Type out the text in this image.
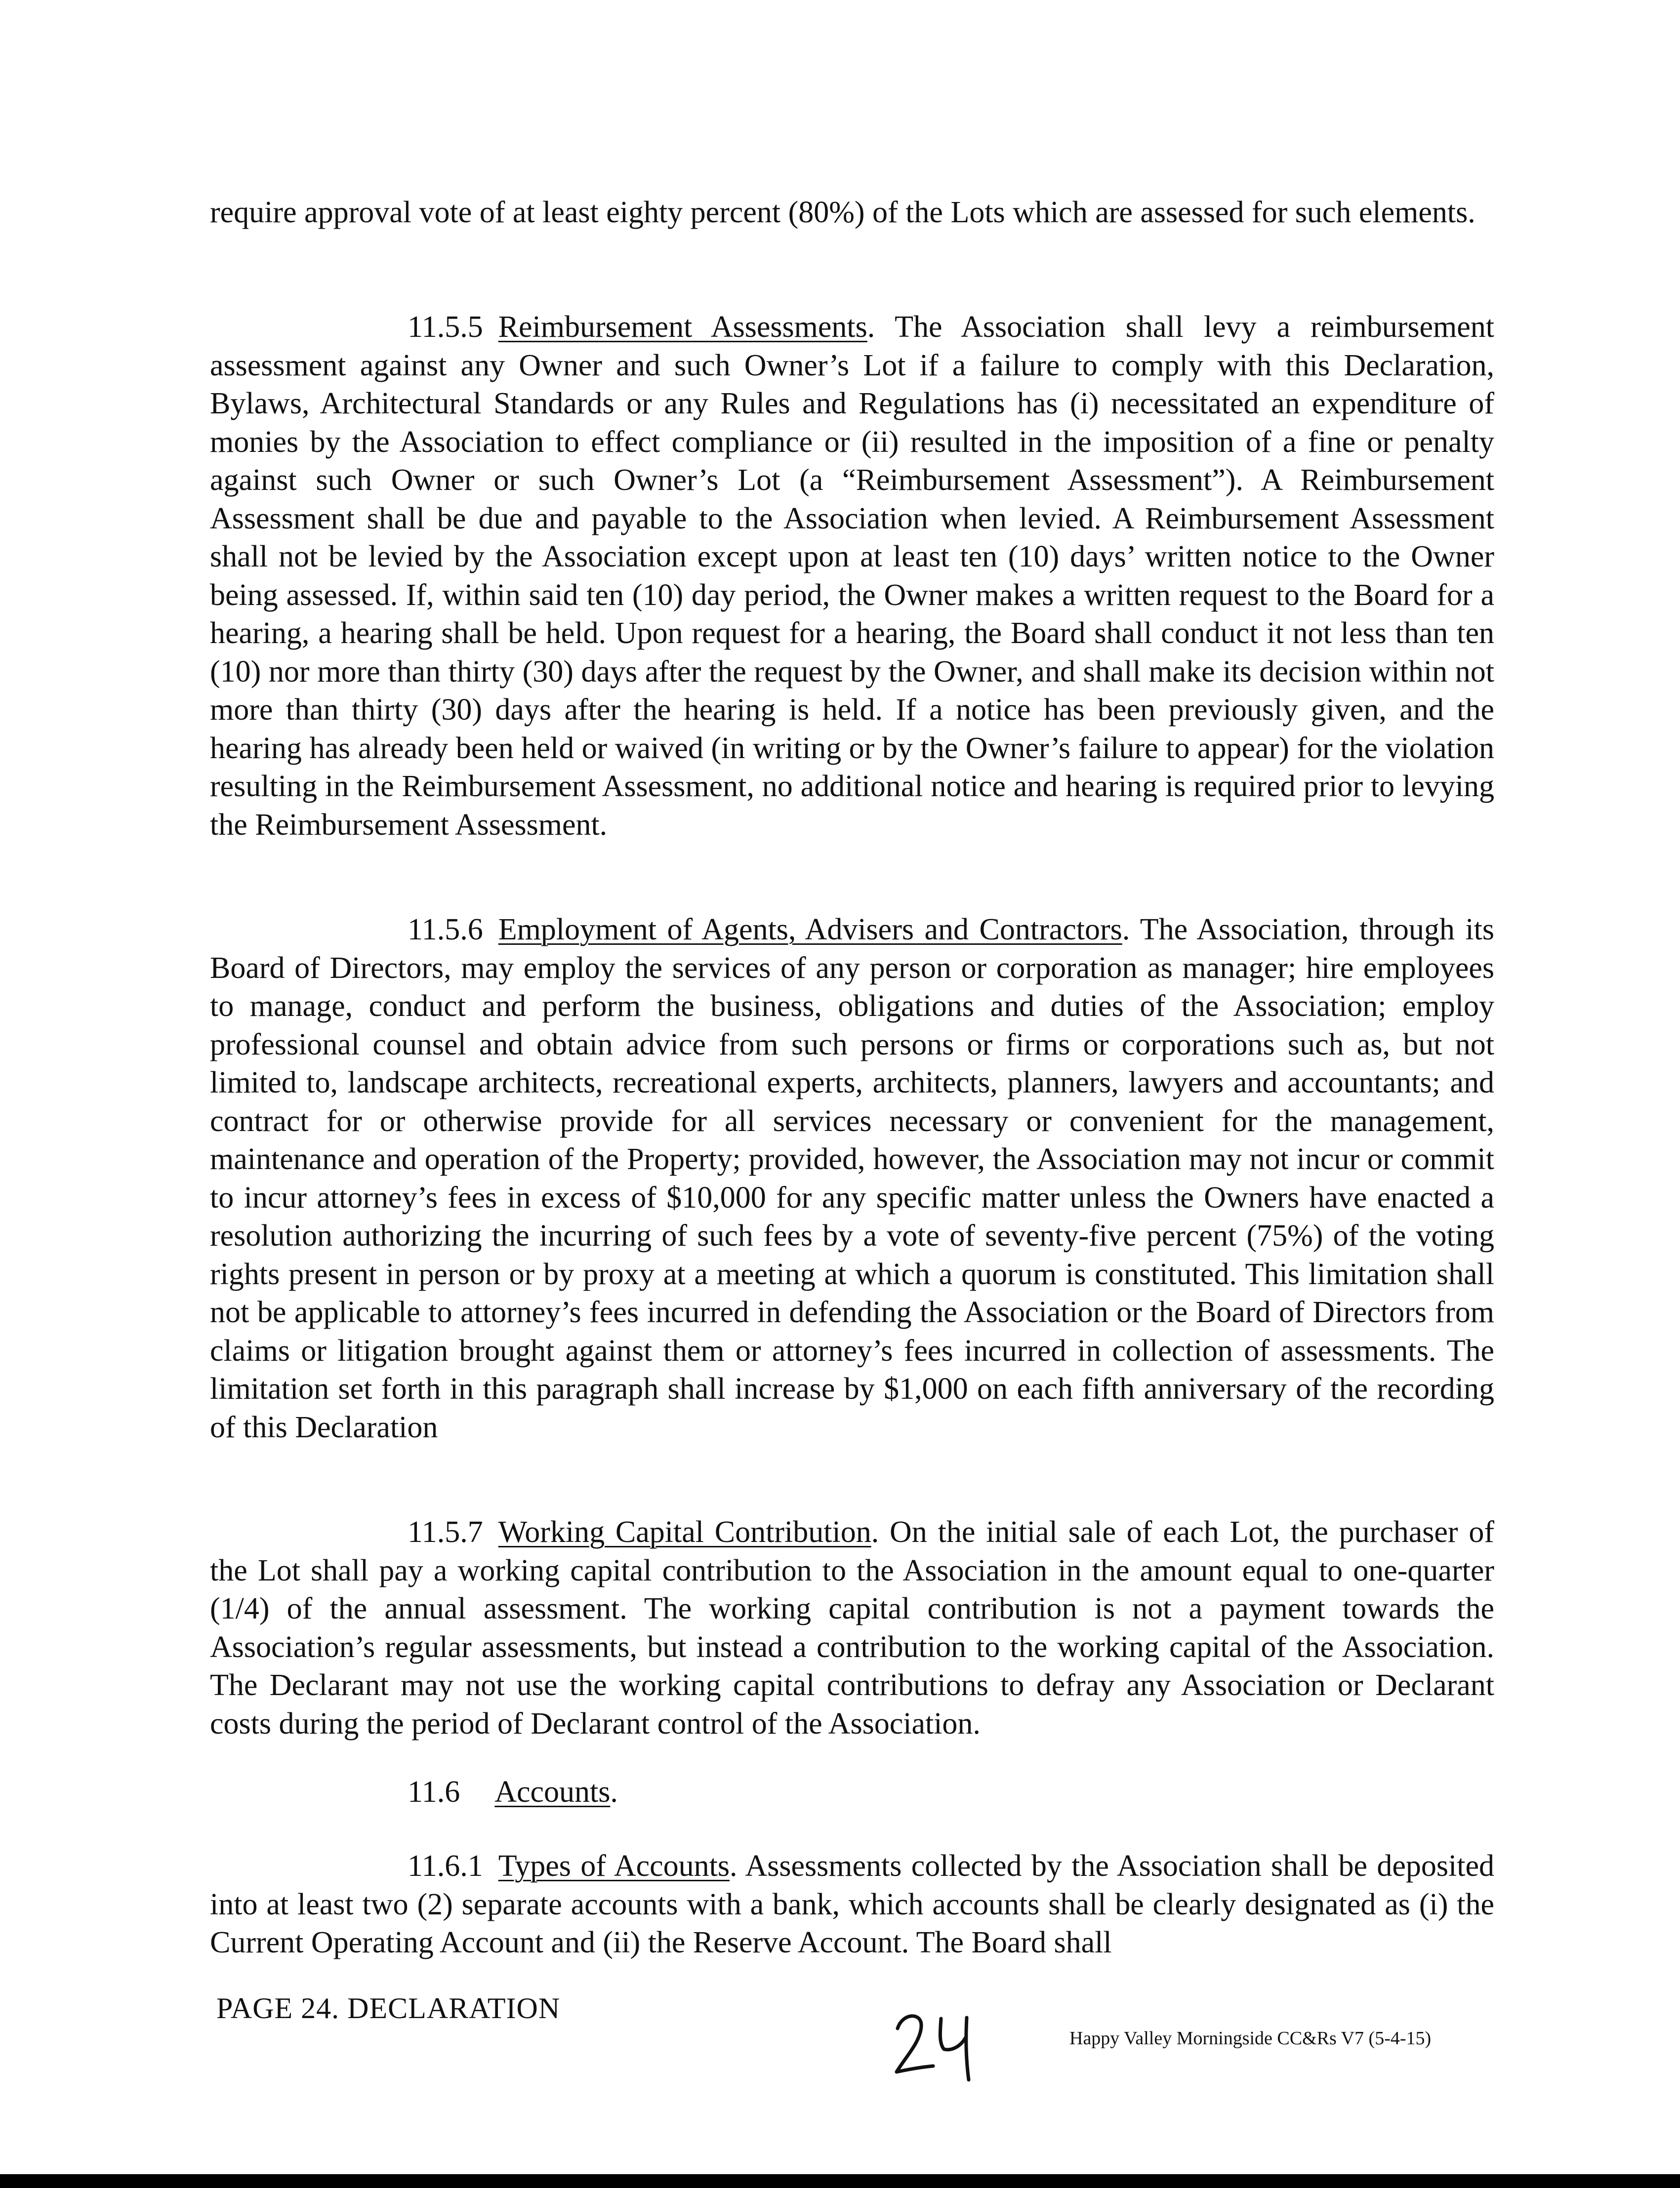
require approval vote of at least eighty percent (80%) of the Lots which are assessed for such elements.

11.5.5  Reimbursement Assessments. The Association shall levy a reimbursement assessment against any Owner and such Owner’s Lot if a failure to comply with this Declaration, Bylaws, Architectural Standards or any Rules and Regulations has (i) necessitated an expenditure of monies by the Association to effect compliance or (ii) resulted in the imposition of a fine or penalty against such Owner or such Owner’s Lot (a “Reimbursement Assessment”). A Reimbursement Assessment shall be due and payable to the Association when levied. A Reimbursement Assessment shall not be levied by the Association except upon at least ten (10) days’ written notice to the Owner being assessed. If, within said ten (10) day period, the Owner makes a written request to the Board for a hearing, a hearing shall be held. Upon request for a hearing, the Board shall conduct it not less than ten (10) nor more than thirty (30) days after the request by the Owner, and shall make its decision within not more than thirty (30) days after the hearing is held. If a notice has been previously given, and the hearing has already been held or waived (in writing or by the Owner’s failure to appear) for the violation resulting in the Reimbursement Assessment, no additional notice and hearing is required prior to levying the Reimbursement Assessment.

11.5.6  Employment of Agents, Advisers and Contractors. The Association, through its Board of Directors, may employ the services of any person or corporation as manager; hire employees to manage, conduct and perform the business, obligations and duties of the Association; employ professional counsel and obtain advice from such persons or firms or corporations such as, but not limited to, landscape architects, recreational experts, architects, planners, lawyers and accountants; and contract for or otherwise provide for all services necessary or convenient for the management, maintenance and operation of the Property; provided, however, the Association may not incur or commit to incur attorney’s fees in excess of $10,000 for any specific matter unless the Owners have enacted a resolution authorizing the incurring of such fees by a vote of seventy-five percent (75%) of the voting rights present in person or by proxy at a meeting at which a quorum is constituted. This limitation shall not be applicable to attorney’s fees incurred in defending the Association or the Board of Directors from claims or litigation brought against them or attorney’s fees incurred in collection of assessments. The limitation set forth in this paragraph shall increase by $1,000 on each fifth anniversary of the recording of this Declaration

11.5.7  Working Capital Contribution. On the initial sale of each Lot, the purchaser of the Lot shall pay a working capital contribution to the Association in the amount equal to one-quarter (1/4) of the annual assessment. The working capital contribution is not a payment towards the Association’s regular assessments, but instead a contribution to the working capital of the Association. The Declarant may not use the working capital contributions to defray any Association or Declarant costs during the period of Declarant control of the Association.

11.6 Accounts.

11.6.1  Types of Accounts. Assessments collected by the Association shall be deposited into at least two (2) separate accounts with a bank, which accounts shall be clearly designated as (i) the Current Operating Account and (ii) the Reserve Account. The Board shall

PAGE 24. DECLARATION
Happy Valley Morningside CC&Rs V7 (5-4-15)
